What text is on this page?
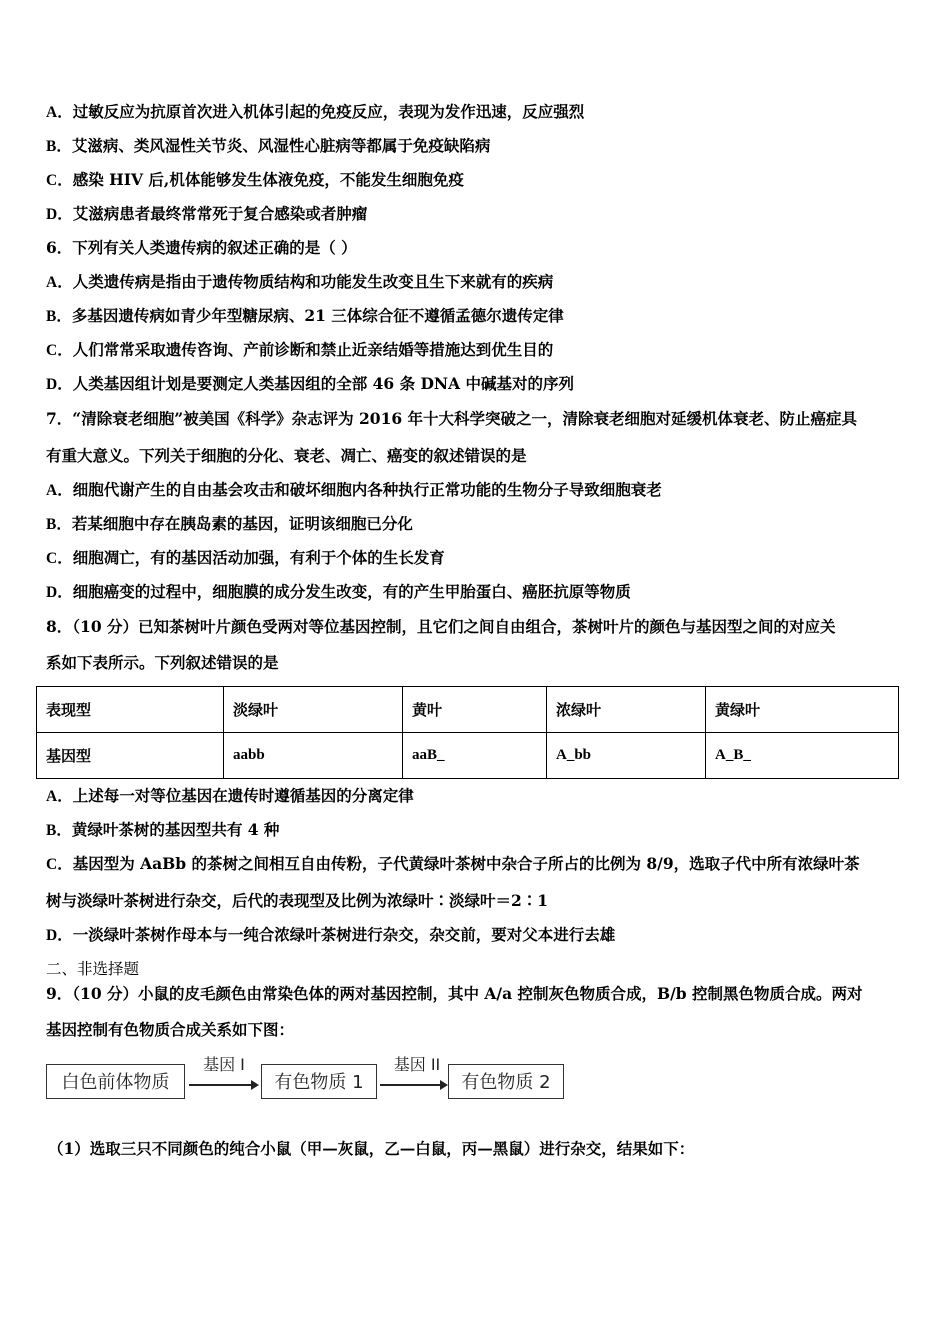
A．过敏反应为抗原首次进入机体引起的免疫反应，表现为发作迅速，反应强烈
B．艾滋病、类风湿性关节炎、风湿性心脏病等都属于免疫缺陷病
C．感染 HIV 后,机体能够发生体液免疫，不能发生细胞免疫
D．艾滋病患者最终常常死于复合感染或者肿瘤
6．下列有关人类遗传病的叙述正确的是（ ）
A．人类遗传病是指由于遗传物质结构和功能发生改变且生下来就有的疾病
B．多基因遗传病如青少年型糖尿病、21 三体综合征不遵循孟德尔遗传定律
C．人们常常采取遗传咨询、产前诊断和禁止近亲结婚等措施达到优生目的
D．人类基因组计划是要测定人类基因组的全部 46 条 DNA 中碱基对的序列
7．“清除衰老细胞”被美国《科学》杂志评为 2016 年十大科学突破之一，清除衰老细胞对延缓机体衰老、防止癌症具
有重大意义。下列关于细胞的分化、衰老、凋亡、癌变的叙述错误的是
A．细胞代谢产生的自由基会攻击和破坏细胞内各种执行正常功能的生物分子导致细胞衰老
B．若某细胞中存在胰岛素的基因，证明该细胞已分化
C．细胞凋亡，有的基因活动加强，有利于个体的生长发育
D．细胞癌变的过程中，细胞膜的成分发生改变，有的产生甲胎蛋白、癌胚抗原等物质
8．（10 分）已知茶树叶片颜色受两对等位基因控制，且它们之间自由组合，茶树叶片的颜色与基因型之间的对应关
系如下表所示。下列叙述错误的是
表现型	淡绿叶	黄叶	浓绿叶	黄绿叶
基因型	aabb	aaB_	A_bb	A_B_
A．上述每一对等位基因在遗传时遵循基因的分离定律
B．黄绿叶茶树的基因型共有 4 种
C．基因型为 AaBb 的茶树之间相互自由传粉，子代黄绿叶茶树中杂合子所占的比例为 8/9，选取子代中所有浓绿叶茶
树与淡绿叶茶树进行杂交，后代的表现型及比例为浓绿叶∶淡绿叶＝2∶1
D．一淡绿叶茶树作母本与一纯合浓绿叶茶树进行杂交，杂交前，要对父本进行去雄
二、非选择题
9．（10 分）小鼠的皮毛颜色由常染色体的两对基因控制，其中 A/a 控制灰色物质合成，B/b 控制黑色物质合成。两对
基因控制有色物质合成关系如下图：
白色前体物质
基因 I
有色物质 1
基因 II
有色物质 2
（1）选取三只不同颜色的纯合小鼠（甲—灰鼠，乙—白鼠，丙—黑鼠）进行杂交，结果如下：
